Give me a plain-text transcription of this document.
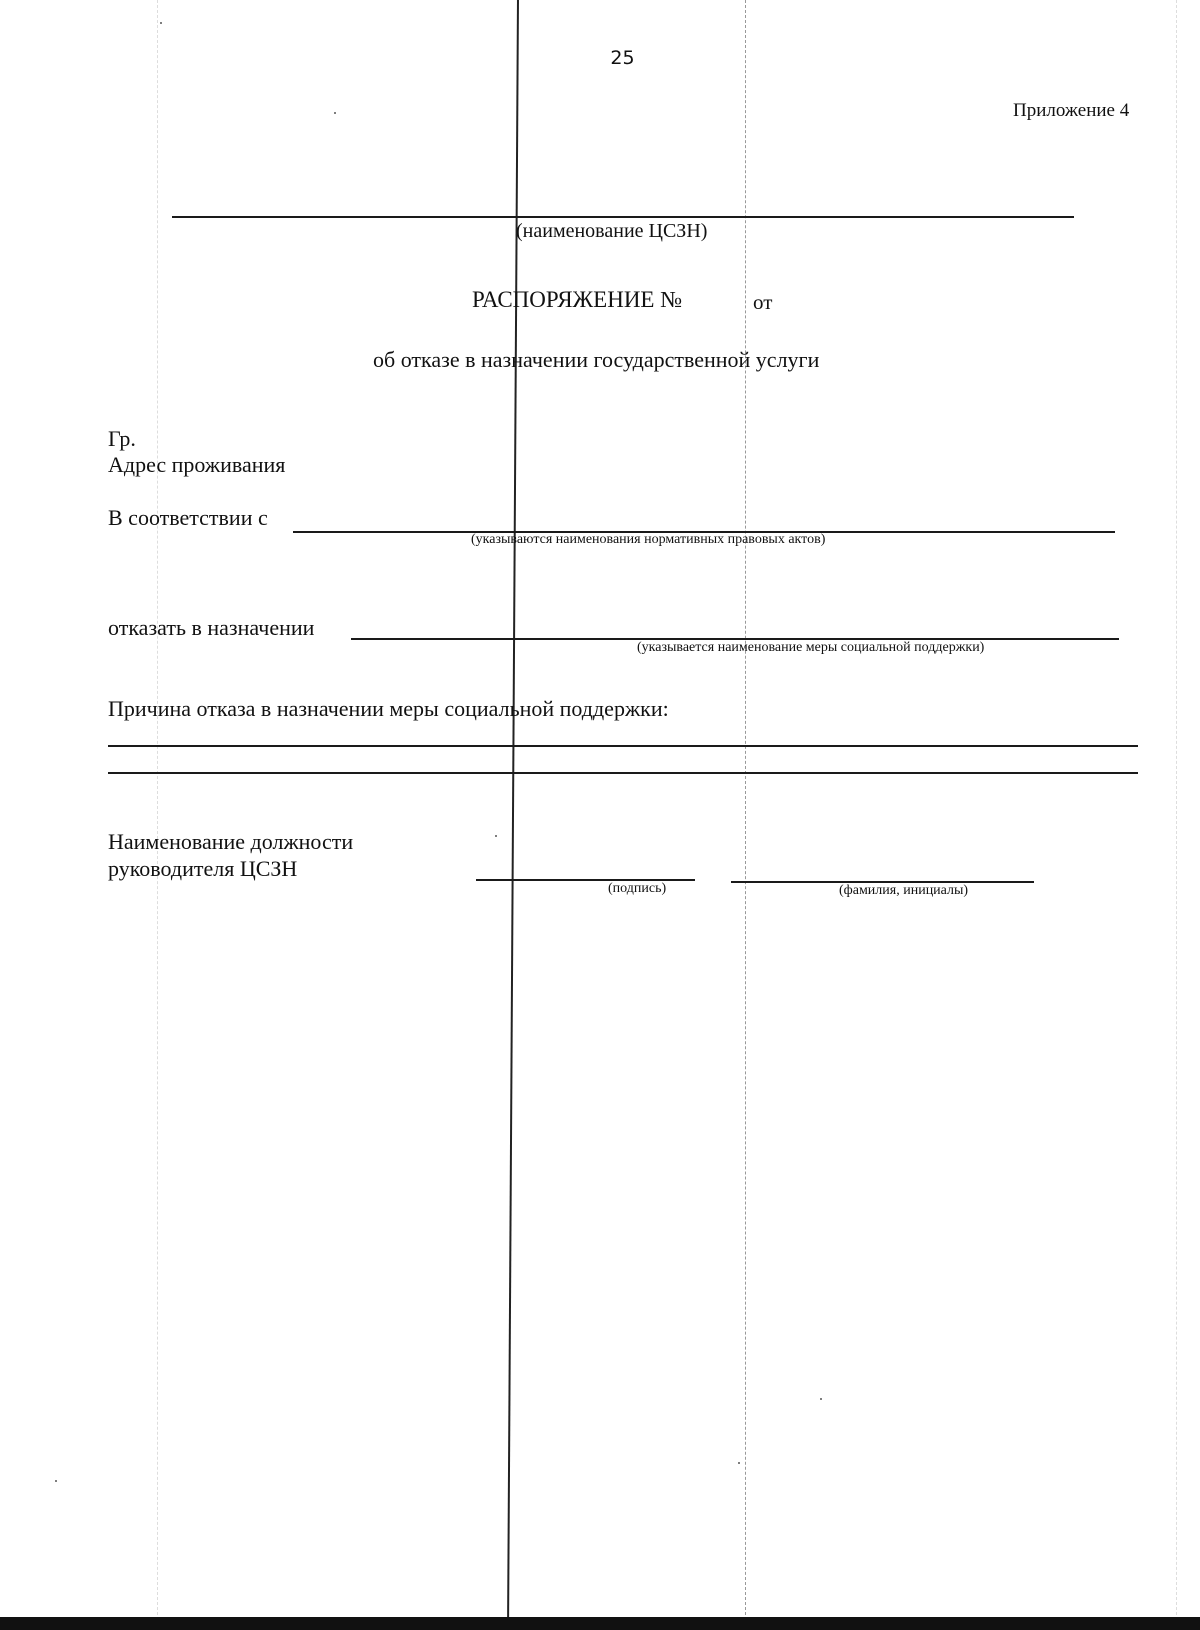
25
Приложение 4
(наименование ЦСЗН)
РАСПОРЯЖЕНИЕ №	от
об отказе в назначении государственной услуги
Гр.
Адрес проживания
В соответствии с
(указываются наименования нормативных правовых актов)
отказать в назначении
(указывается наименование меры социальной поддержки)
Причина отказа в назначении меры социальной поддержки:
Наименование должности
руководителя ЦСЗН
(подпись)	(фамилия, инициалы)
